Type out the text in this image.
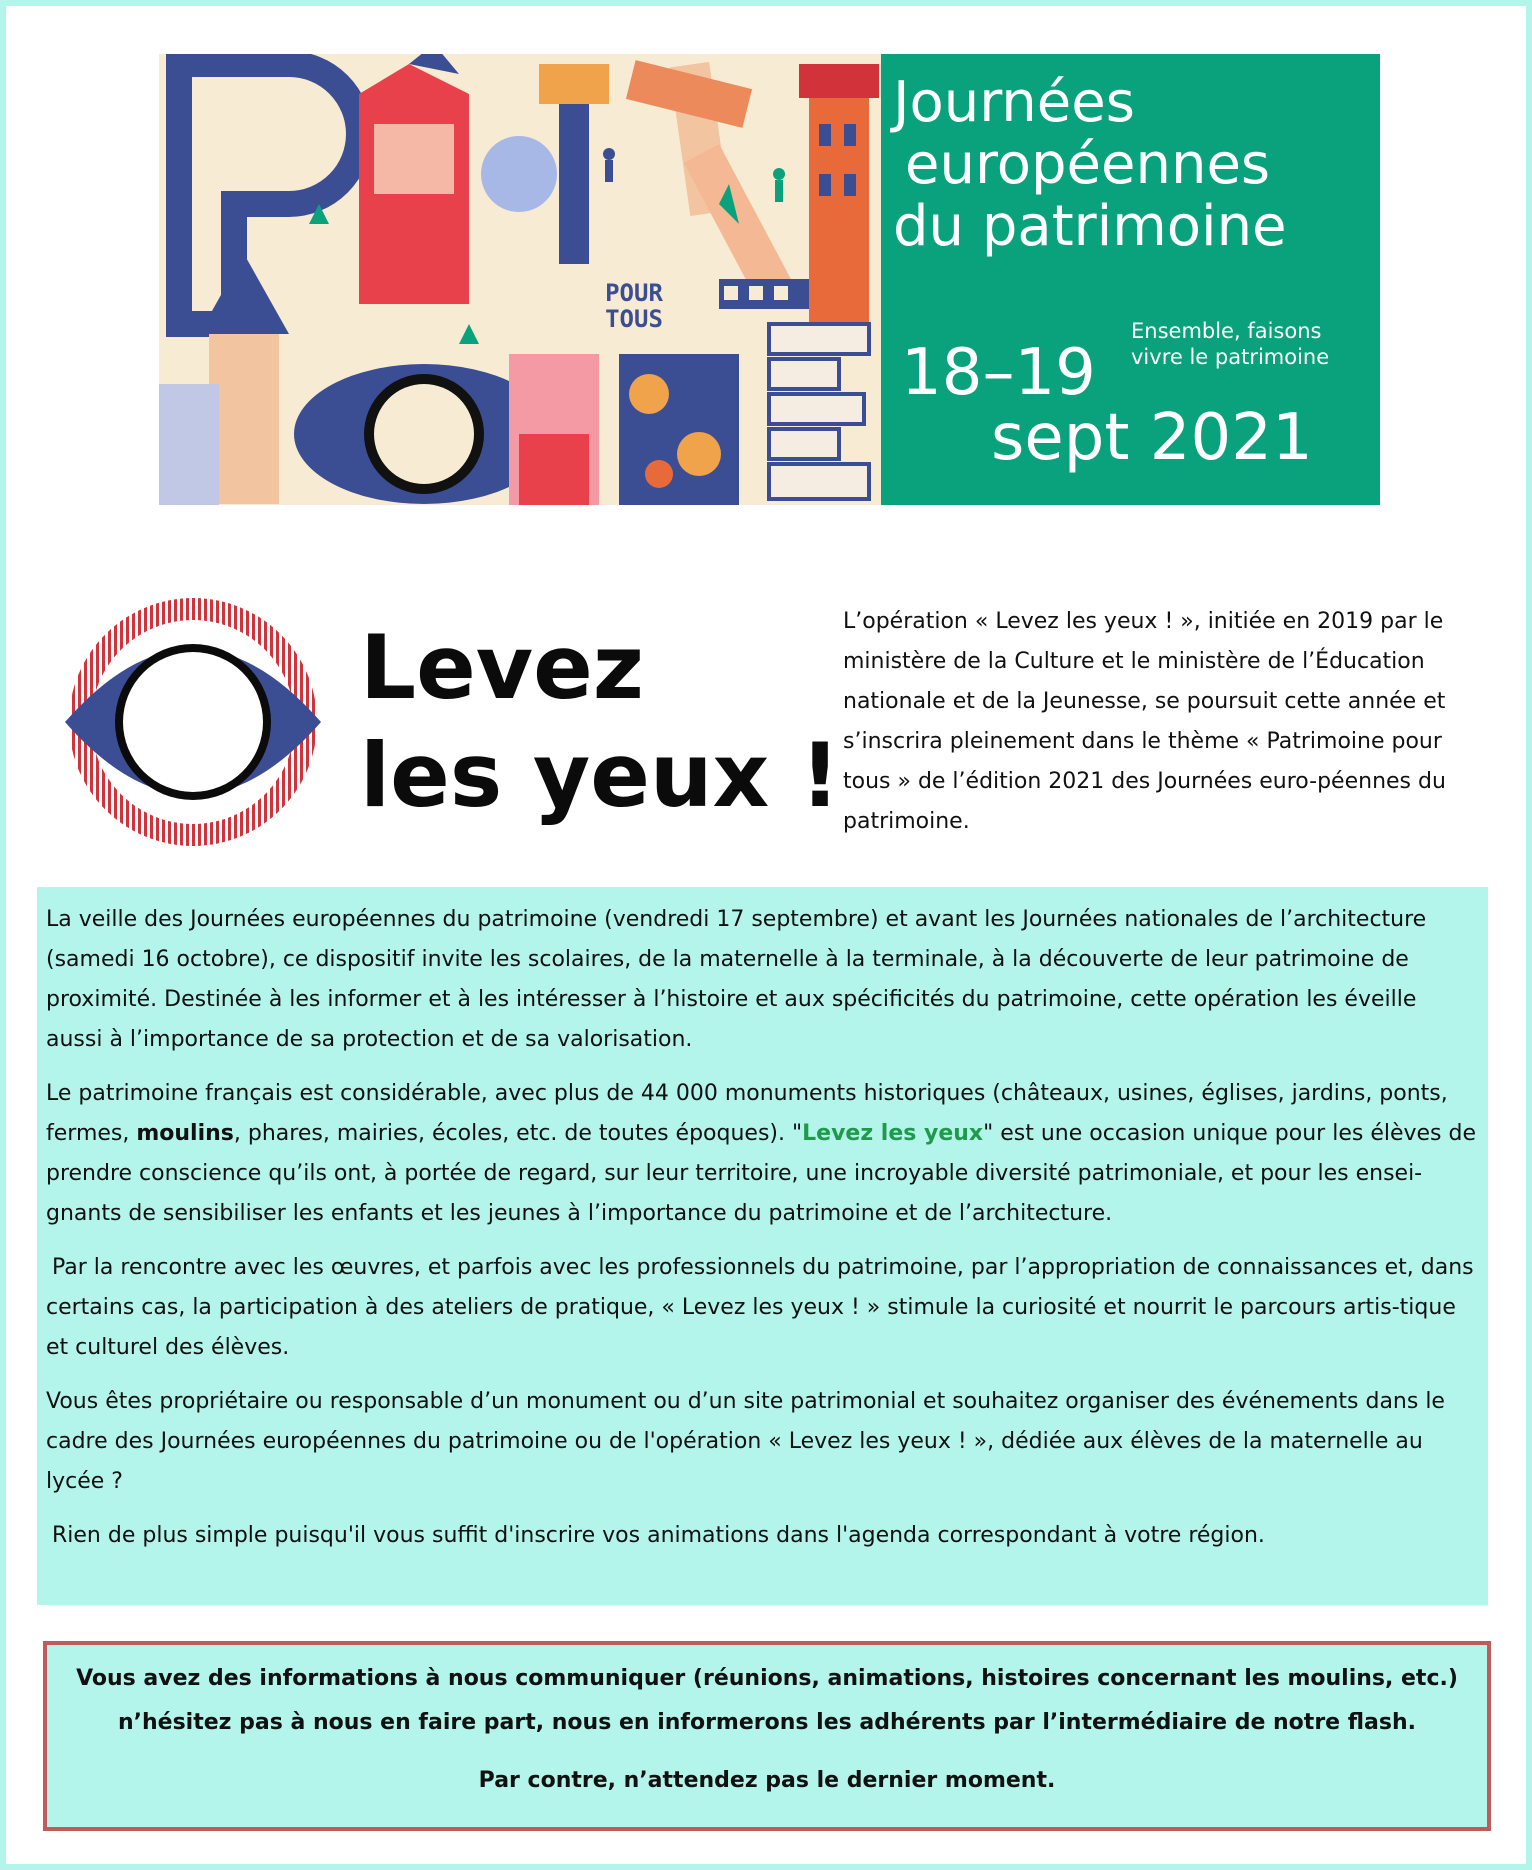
POUR
TOUS
Journées
européennes
du patrimoine
Ensemble, faisons
vivre le patrimoine
18–19
sept 2021
Levez
les yeux !

L’opération « Levez les yeux ! », initiée en 2019 par le ministère de la Culture et le ministère de l’Éducation nationale et de la Jeunesse, se poursuit cette année et s’inscrira pleinement dans le thème « Patrimoine pour tous » de l’édition 2021 des Journées euro-péennes du patrimoine.

La veille des Journées européennes du patrimoine (vendredi 17 septembre) et avant les Journées nationales de l’architecture (samedi 16 octobre), ce dispositif invite les scolaires, de la maternelle à la terminale, à la découverte de leur patrimoine de proximité. Destinée à les informer et à les intéresser à l’histoire et aux spécificités du patrimoine, cette opération les éveille aussi à l’importance de sa protection et de sa valorisation.

Le patrimoine français est considérable, avec plus de 44 000 monuments historiques (châteaux, usines, églises, jardins, ponts, fermes, moulins, phares, mairies, écoles, etc. de toutes époques). "Levez les yeux" est une occasion unique pour les élèves de prendre conscience qu’ils ont, à portée de regard, sur leur territoire, une incroyable diversité patrimoniale, et pour les ensei-gnants de sensibiliser les enfants et les jeunes à l’importance du patrimoine et de l’architecture.

Par la rencontre avec les œuvres, et parfois avec les professionnels du patrimoine, par l’appropriation de connaissances et, dans certains cas, la participation à des ateliers de pratique, « Levez les yeux ! » stimule la curiosité et nourrit le parcours artis-tique et culturel des élèves.

Vous êtes propriétaire ou responsable d’un monument ou d’un site patrimonial et souhaitez organiser des événements dans le cadre des Journées européennes du patrimoine ou de l'opération « Levez les yeux ! », dédiée aux élèves de la maternelle au lycée ?

Rien de plus simple puisqu'il vous suffit d'inscrire vos animations dans l'agenda correspondant à votre région.

Vous avez des informations à nous communiquer (réunions, animations, histoires concernant les moulins, etc.)

n’hésitez pas à nous en faire part, nous en informerons les adhérents par l’intermédiaire de notre flash.

Par contre, n’attendez pas le dernier moment.
